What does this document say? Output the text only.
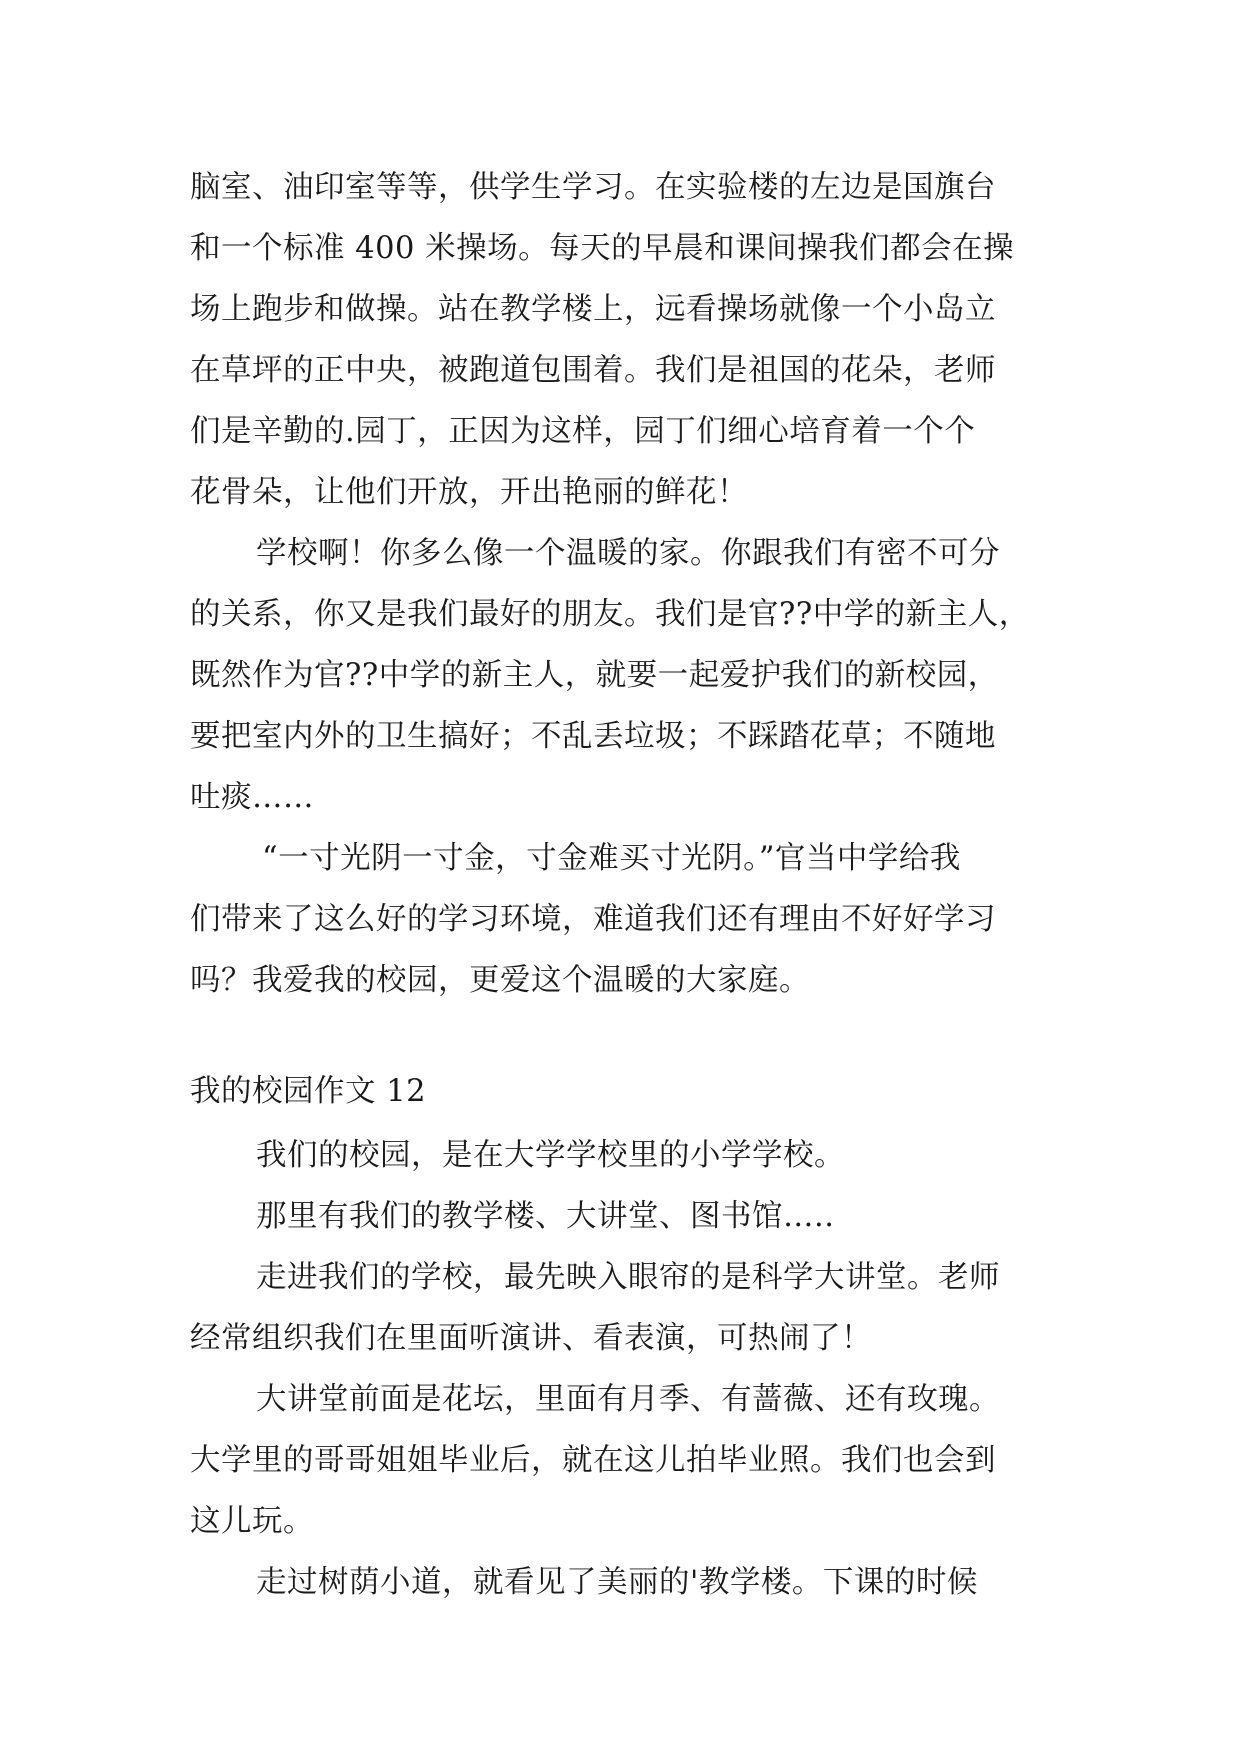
脑室、油印室等等，供学生学习。在实验楼的左边是国旗台
和一个标准 400 米操场。每天的早晨和课间操我们都会在操
场上跑步和做操。站在教学楼上，远看操场就像一个小岛立
在草坪的正中央，被跑道包围着。我们是祖国的花朵，老师
们是辛勤的.园丁，正因为这样，园丁们细心培育着一个个
花骨朵，让他们开放，开出艳丽的鲜花！
学校啊！你多么像一个温暖的家。你跟我们有密不可分
的关系，你又是我们最好的朋友。我们是官??中学的新主人，
既然作为官??中学的新主人，就要一起爱护我们的新校园，
要把室内外的卫生搞好；不乱丢垃圾；不踩踏花草；不随地
吐痰……
“一寸光阴一寸金，寸金难买寸光阴。”官当中学给我
们带来了这么好的学习环境，难道我们还有理由不好好学习
吗？我爱我的校园，更爱这个温暖的大家庭。
我的校园作文 12
我们的校园，是在大学学校里的小学学校。
那里有我们的教学楼、大讲堂、图书馆…..
走进我们的学校，最先映入眼帘的是科学大讲堂。老师
经常组织我们在里面听演讲、看表演，可热闹了！
大讲堂前面是花坛，里面有月季、有蔷薇、还有玫瑰。
大学里的哥哥姐姐毕业后，就在这儿拍毕业照。我们也会到
这儿玩。
走过树荫小道，就看见了美丽的'教学楼。下课的时候
